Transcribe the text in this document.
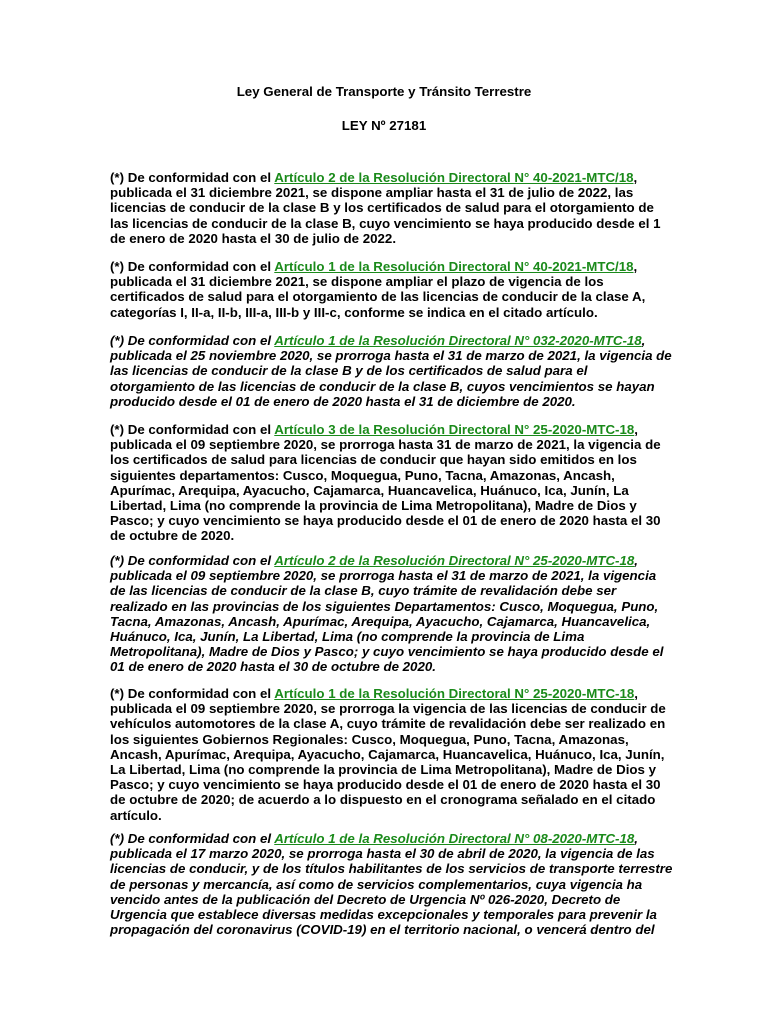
Ley General de Transporte y Tránsito Terrestre
LEY Nº 27181
(*) De conformidad con el Artículo 2 de la Resolución Directoral N° 40-2021-MTC/18,
publicada el 31 diciembre 2021, se dispone ampliar hasta el 31 de julio de 2022, las
licencias de conducir de la clase B y los certificados de salud para el otorgamiento de
las licencias de conducir de la clase B, cuyo vencimiento se haya producido desde el 1
de enero de 2020 hasta el 30 de julio de 2022.
(*) De conformidad con el Artículo 1 de la Resolución Directoral N° 40-2021-MTC/18,
publicada el 31 diciembre 2021, se dispone ampliar el plazo de vigencia de los
certificados de salud para el otorgamiento de las licencias de conducir de la clase A,
categorías I, II-a, II-b, III-a, III-b y III-c, conforme se indica en el citado artículo.
(*) De conformidad con el Artículo 1 de la Resolución Directoral N° 032-2020-MTC-18,
publicada el 25 noviembre 2020, se prorroga hasta el 31 de marzo de 2021, la vigencia de
las licencias de conducir de la clase B y de los certificados de salud para el
otorgamiento de las licencias de conducir de la clase B, cuyos vencimientos se hayan
producido desde el 01 de enero de 2020 hasta el 31 de diciembre de 2020.
(*) De conformidad con el Artículo 3 de la Resolución Directoral N° 25-2020-MTC-18,
publicada el 09 septiembre 2020, se prorroga hasta 31 de marzo de 2021, la vigencia de
los certificados de salud para licencias de conducir que hayan sido emitidos en los
siguientes departamentos: Cusco, Moquegua, Puno, Tacna, Amazonas, Ancash,
Apurímac, Arequipa, Ayacucho, Cajamarca, Huancavelica, Huánuco, Ica, Junín, La
Libertad, Lima (no comprende la provincia de Lima Metropolitana), Madre de Dios y
Pasco; y cuyo vencimiento se haya producido desde el 01 de enero de 2020 hasta el 30
de octubre de 2020.
(*) De conformidad con el Artículo 2 de la Resolución Directoral N° 25-2020-MTC-18,
publicada el 09 septiembre 2020, se prorroga hasta el 31 de marzo de 2021, la vigencia
de las licencias de conducir de la clase B, cuyo trámite de revalidación debe ser
realizado en las provincias de los siguientes Departamentos: Cusco, Moquegua, Puno,
Tacna, Amazonas, Ancash, Apurímac, Arequipa, Ayacucho, Cajamarca, Huancavelica,
Huánuco, Ica, Junín, La Libertad, Lima (no comprende la provincia de Lima
Metropolitana), Madre de Dios y Pasco; y cuyo vencimiento se haya producido desde el
01 de enero de 2020 hasta el 30 de octubre de 2020.
(*) De conformidad con el Artículo 1 de la Resolución Directoral N° 25-2020-MTC-18,
publicada el 09 septiembre 2020, se prorroga la vigencia de las licencias de conducir de
vehículos automotores de la clase A, cuyo trámite de revalidación debe ser realizado en
los siguientes Gobiernos Regionales: Cusco, Moquegua, Puno, Tacna, Amazonas,
Ancash, Apurímac, Arequipa, Ayacucho, Cajamarca, Huancavelica, Huánuco, Ica, Junín,
La Libertad, Lima (no comprende la provincia de Lima Metropolitana), Madre de Dios y
Pasco; y cuyo vencimiento se haya producido desde el 01 de enero de 2020 hasta el 30
de octubre de 2020; de acuerdo a lo dispuesto en el cronograma señalado en el citado
artículo.
(*) De conformidad con el Artículo 1 de la Resolución Directoral N° 08-2020-MTC-18,
publicada el 17 marzo 2020, se prorroga hasta el 30 de abril de 2020, la vigencia de las
licencias de conducir, y de los títulos habilitantes de los servicios de transporte terrestre
de personas y mercancía, así como de servicios complementarios, cuya vigencia ha
vencido antes de la publicación del Decreto de Urgencia Nº 026-2020, Decreto de
Urgencia que establece diversas medidas excepcionales y temporales para prevenir la
propagación del coronavirus (COVID-19) en el territorio nacional, o vencerá dentro del
